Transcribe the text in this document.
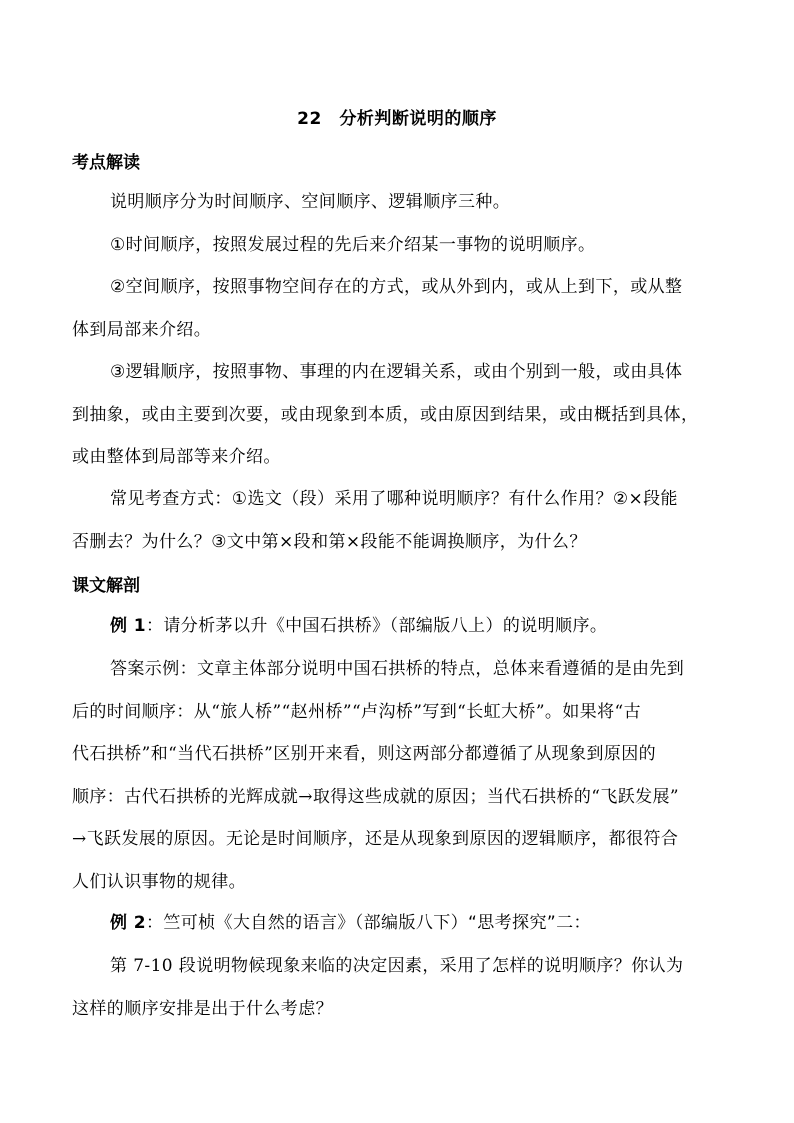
22　分析判断说明的顺序
考点解读
说明顺序分为时间顺序、空间顺序、逻辑顺序三种。
①时间顺序，按照发展过程的先后来介绍某一事物的说明顺序。
②空间顺序，按照事物空间存在的方式，或从外到内，或从上到下，或从整
体到局部来介绍。
③逻辑顺序，按照事物、事理的内在逻辑关系，或由个别到一般，或由具体
到抽象，或由主要到次要，或由现象到本质，或由原因到结果，或由概括到具体，
或由整体到局部等来介绍。
常见考查方式：①选文（段）采用了哪种说明顺序？有什么作用？②×段能
否删去？为什么？③文中第×段和第×段能不能调换顺序，为什么？
课文解剖
例 1：请分析茅以升《中国石拱桥》（部编版八上）的说明顺序。
答案示例：文章主体部分说明中国石拱桥的特点，总体来看遵循的是由先到
后的时间顺序：从“旅人桥”“赵州桥”“卢沟桥”写到“长虹大桥”。如果将“古
代石拱桥”和“当代石拱桥”区别开来看，则这两部分都遵循了从现象到原因的
顺序：古代石拱桥的光辉成就→取得这些成就的原因；当代石拱桥的“飞跃发展”
→飞跃发展的原因。无论是时间顺序，还是从现象到原因的逻辑顺序，都很符合
人们认识事物的规律。
例 2：竺可桢《大自然的语言》（部编版八下）“思考探究”二：
第 7-10 段说明物候现象来临的决定因素，采用了怎样的说明顺序？你认为
这样的顺序安排是出于什么考虑？
